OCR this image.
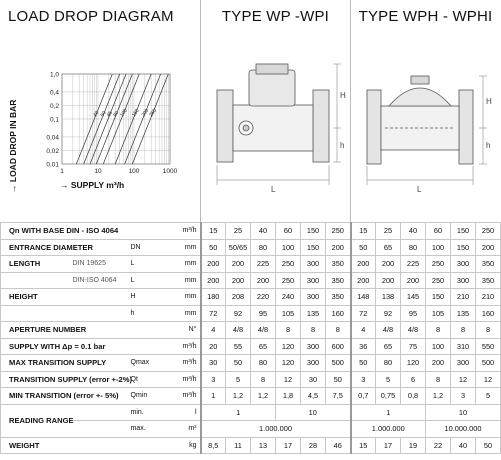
LOAD DROP DIAGRAM
→ LOAD DROP IN BAR
1,0
0,4
0,2
0,1
0,04
0,02
0,01
1	10	100	1000
40 50
65
80
100 150 200
250
→ SUPPLY m³/h
TYPE WP -WPI
L
H
h
TYPE WPH - WPHI
L
H
h
Qn WITH BASE DIN - ISO 4064			m³/h	15	25	40	60	150	250	15	25	40	60	150	250
ENTRANCE DIAMETER		DN	mm	50	50/65	80	100	150	200	50	65	80	100	150	200
LENGTH	DIN 19625	L	mm	200	200	225	250	300	350	200	200	225	250	300	350
	DIN-ISO 4064	L	mm	200	200	200	250	300	350	200	200	200	250	300	350
HEIGHT		H	mm	180	208	220	240	300	350	148	138	145	150	210	210
		h	mm	72	92	95	105	135	160	72	92	95	105	135	160
APERTURE NUMBER			N°	4	4/8	4/8	8	8	8	4	4/8	4/8	8	8	8
SUPPLY WITH Δp = 0.1 bar			m³/h	20	55	65	120	300	600	36	65	75	100	310	550
MAX TRANSITION SUPPLY		Qmax	m³/h	30	50	80	120	300	500	50	80	120	200	300	500
TRANSITION SUPPLY (error +-2%)		Qt	m³/h	3	5	8	12	30	50	3	5	6	8	12	12
MIN TRANSITION (error +- 5%)		Qmin	m³/h	1	1,2	1,2	1,8	4,5	7,5	0,7	0,75	0,8	1,2	3	5
READING RANGE		min.	l	1			10			1			10		
		max.	m³	1.000.000						1.000.000			10.000.000		
WEIGHT			kg	8,5	11	13	17	28	46	15	17	19	22	40	50
